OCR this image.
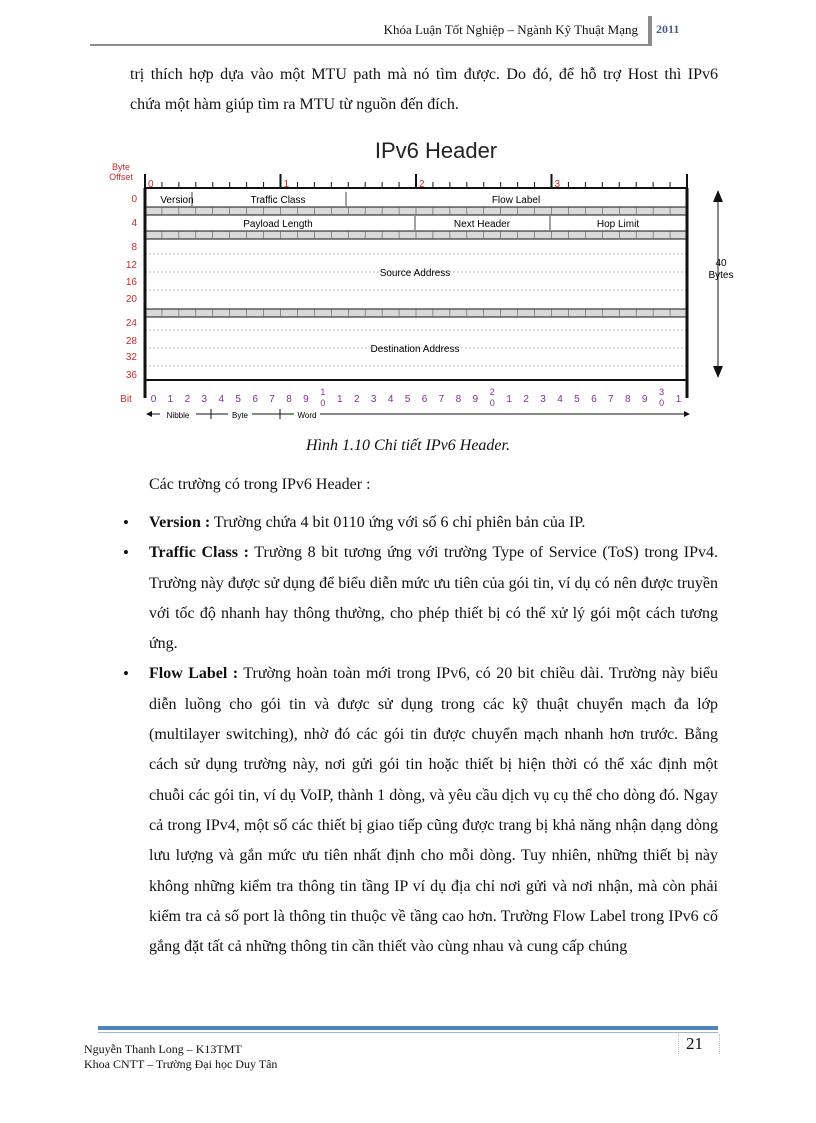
Khóa Luận Tốt Nghiệp – Ngành Kỹ Thuật Mạng 2011
trị thích hợp dựa vào một MTU path mà nó tìm được. Do đó, để hỗ trợ Host thì IPv6
chứa một hàm giúp tìm ra MTU từ nguồn đến đích.
IPv6 Header
Byte
Offset
0	1	2	3
Version	Traffic Class	Flow Label
Payload Length	Next Header	Hop Limit
Source Address
Destination Address
0
4
8
12
16
20
24
28
32
36
40
Bytes
Bit 0 1 2 3 4 5 6 7 8 9
1
0 1 2 3 4 5 6 7 8 9
2
0 1 2 3 4 5 6 7 8 9
3
0 1
Nibble	Byte	Word
Hình 1.10 Chi tiết IPv6 Header.
Các trường có trong IPv6 Header :
• Version : Trường chứa 4 bit 0110 ứng với số 6 chỉ phiên bản của IP.
• Traffic Class : Trường 8 bit tương ứng với trường Type of Service (ToS) trong IPv4. Trường này được sử dụng để biểu diễn mức ưu tiên của gói tin, ví dụ có nên được truyền với tốc độ nhanh hay thông thường, cho phép thiết bị có thể xử lý gói một cách tương ứng.
• Flow Label : Trường hoàn toàn mới trong IPv6, có 20 bit chiều dài. Trường này biểu diễn luồng cho gói tin và được sử dụng trong các kỹ thuật chuyển mạch đa lớp (multilayer switching), nhờ đó các gói tin được chuyển mạch nhanh hơn trước. Bằng cách sử dụng trường này, nơi gửi gói tin hoặc thiết bị hiện thời có thể xác định một chuỗi các gói tin, ví dụ VoIP, thành 1 dòng, và yêu cầu dịch vụ cụ thể cho dòng đó. Ngay cả trong IPv4, một số các thiết bị giao tiếp cũng được trang bị khả năng nhận dạng dòng lưu lượng và gắn mức ưu tiên nhất định cho mỗi dòng. Tuy nhiên, những thiết bị này không những kiểm tra thông tin tầng IP ví dụ địa chỉ nơi gửi và nơi nhận, mà còn phải kiểm tra cả số port là thông tin thuộc về tầng cao hơn. Trường Flow Label trong IPv6 cố gắng đặt tất cả những thông tin cần thiết vào cùng nhau và cung cấp chúng
21
Nguyễn Thanh Long – K13TMT
Khoa CNTT – Trường Đại học Duy Tân
